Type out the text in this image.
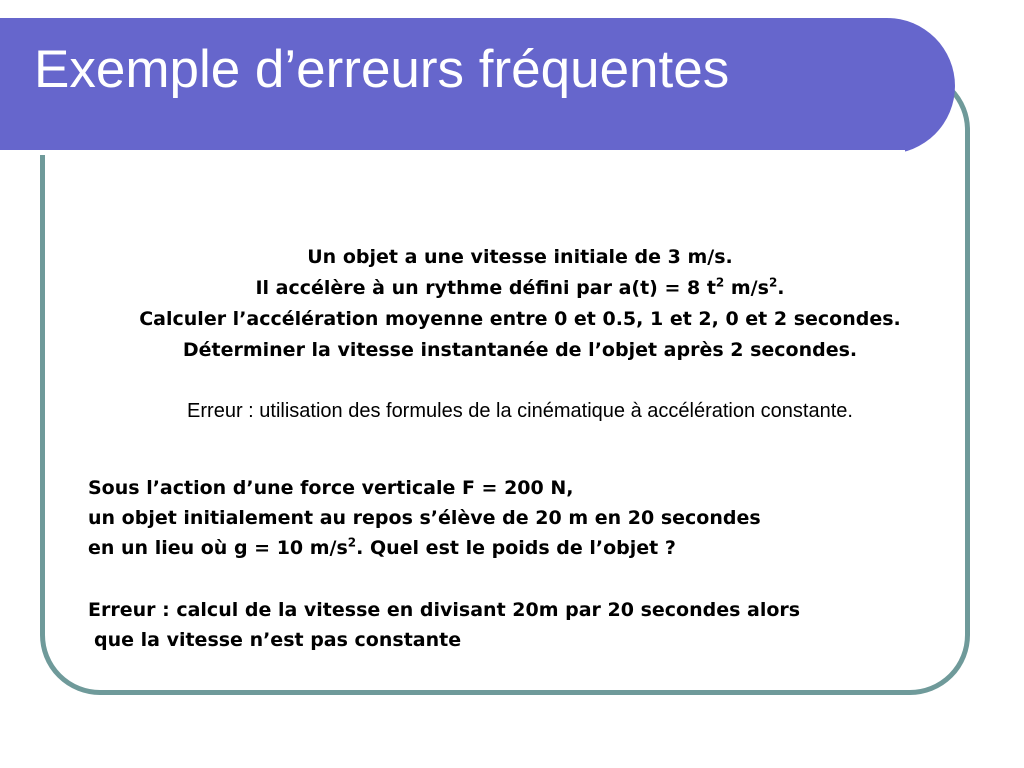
Exemple d’erreurs fréquentes
Un objet a une vitesse initiale de 3 m/s.
Il accélère à un rythme défini par a(t) = 8 $t^2$ $m/s^2$.
Calculer l’accélération moyenne entre 0 et 0.5, 1 et 2, 0 et 2 secondes.
Déterminer la vitesse instantanée de l’objet après 2 secondes.
Erreur : utilisation des formules de la cinématique à accélération constante.
Sous l’action d’une force verticale F = 200 N,
un objet initialement au repos s’élève de 20 m en 20 secondes
en un lieu où g = 10 $m/s^2$. Quel est le poids de l’objet ?
Erreur : calcul de la vitesse en divisant 20m par 20 secondes alors
que la vitesse n’est pas constante
